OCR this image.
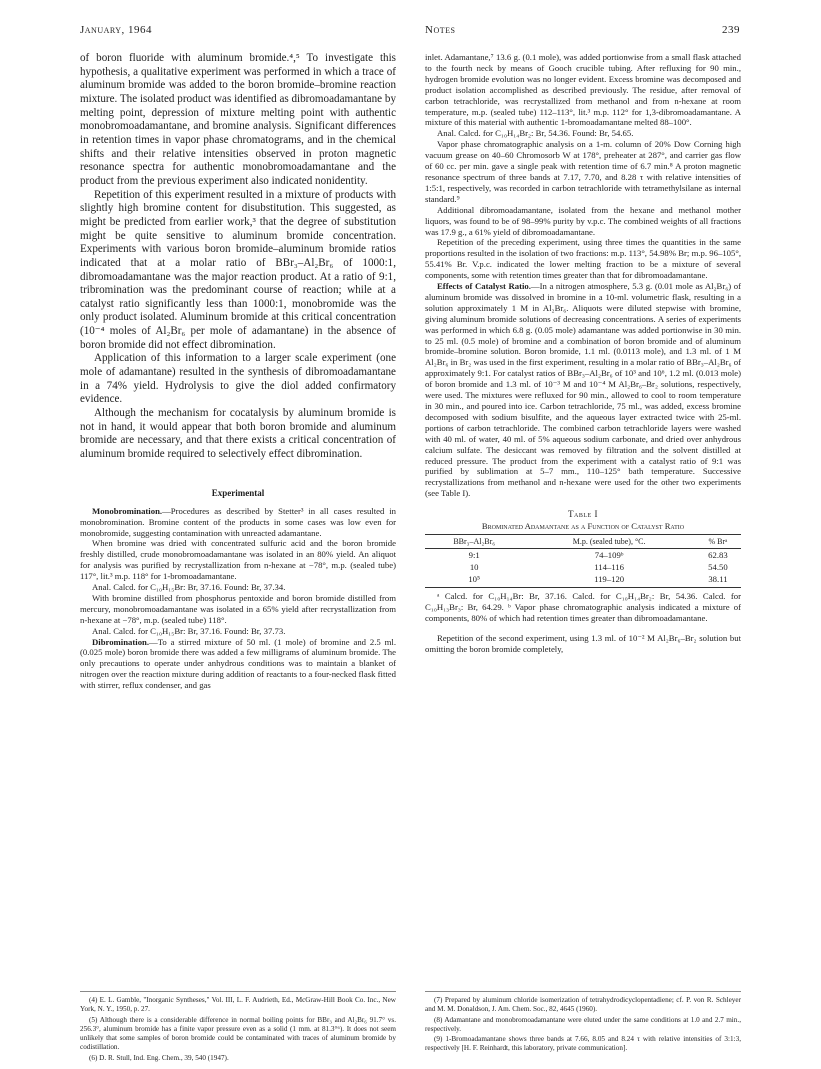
January, 1964	Notes	239

of boron fluoride with aluminum bromide.⁴,⁵ To investigate this hypothesis, a qualitative experiment was performed in which a trace of aluminum bromide was added to the boron bromide–bromine reaction mixture. The isolated product was identified as dibromoadamantane by melting point, depression of mixture melting point with authentic monobromoadamantane, and bromine analysis. Significant differences in retention times in vapor phase chromatograms, and in the chemical shifts and their relative intensities observed in proton magnetic resonance spectra for authentic monobromoadamantane and the product from the previous experiment also indicated nonidentity.

Repetition of this experiment resulted in a mixture of products with slightly high bromine content for disubstitution. This suggested, as might be predicted from earlier work,³ that the degree of substitution might be quite sensitive to aluminum bromide concentration. Experiments with various boron bromide–aluminum bromide ratios indicated that at a molar ratio of BBr₃–Al₂Br₆ of 1000:1, dibromoadamantane was the major reaction product. At a ratio of 9:1, tribromination was the predominant course of reaction; while at a catalyst ratio significantly less than 1000:1, monobromide was the only product isolated. Aluminum bromide at this critical concentration (10⁻⁴ moles of Al₂Br₆ per mole of adamantane) in the absence of boron bromide did not effect dibromination.

Application of this information to a larger scale experiment (one mole of adamantane) resulted in the synthesis of dibromoadamantane in a 74% yield. Hydrolysis to give the diol added confirmatory evidence.

Although the mechanism for cocatalysis by aluminum bromide is not in hand, it would appear that both boron bromide and aluminum bromide are necessary, and that there exists a critical concentration of aluminum bromide required to selectively effect dibromination.

Experimental

Monobromination.—Procedures as described by Stetter³ in all cases resulted in monobromination. Bromine content of the products in some cases was low even for monobromide, suggesting contamination with unreacted adamantane.

When bromine was dried with concentrated sulfuric acid and the boron bromide freshly distilled, crude monobromoadamantane was isolated in an 80% yield. An aliquot for analysis was purified by recrystallization from n-hexane at −78°, m.p. (sealed tube) 117°, lit.³ m.p. 118° for 1-bromoadamantane.

Anal. Calcd. for C₁₀H₁₅Br: Br, 37.16. Found: Br, 37.34.

With bromine distilled from phosphorus pentoxide and boron bromide distilled from mercury, monobromoadamantane was isolated in a 65% yield after recrystallization from n-hexane at −78°, m.p. (sealed tube) 118°.

Anal. Calcd. for C₁₀H₁₅Br: Br, 37.16. Found: Br, 37.73.

Dibromination.—To a stirred mixture of 50 ml. (1 mole) of bromine and 2.5 ml. (0.025 mole) boron bromide there was added a few milligrams of aluminum bromide. The only precautions to operate under anhydrous conditions was to maintain a blanket of nitrogen over the reaction mixture during addition of reactants to a four-necked flask fitted with stirrer, reflux condenser, and gas

inlet. Adamantane,⁷ 13.6 g. (0.1 mole), was added portionwise from a small flask attached to the fourth neck by means of Gooch crucible tubing. After refluxing for 90 min., hydrogen bromide evolution was no longer evident. Excess bromine was decomposed and product isolation accomplished as described previously. The residue, after removal of carbon tetrachloride, was recrystallized from methanol and from n-hexane at room temperature, m.p. (sealed tube) 112–113°, lit.³ m.p. 112° for 1,3-dibromoadamantane. A mixture of this material with authentic 1-bromoadamantane melted 88–100°.

Anal. Calcd. for C₁₀H₁₄Br₂: Br, 54.36. Found: Br, 54.65.

Vapor phase chromatographic analysis on a 1-m. column of 20% Dow Corning high vacuum grease on 40–60 Chromosorb W at 178°, preheater at 287°, and carrier gas flow of 60 cc. per min. gave a single peak with retention time of 6.7 min.⁸ A proton magnetic resonance spectrum of three bands at 7.17, 7.70, and 8.28 τ with relative intensities of 1:5:1, respectively, was recorded in carbon tetrachloride with tetramethylsilane as internal standard.⁹

Additional dibromoadamantane, isolated from the hexane and methanol mother liquors, was found to be of 98–99% purity by v.p.c. The combined weights of all fractions was 17.9 g., a 61% yield of dibromoadamantane.

Repetition of the preceding experiment, using three times the quantities in the same proportions resulted in the isolation of two fractions: m.p. 113°, 54.98% Br; m.p. 96–105°, 55.41% Br. V.p.c. indicated the lower melting fraction to be a mixture of several components, some with retention times greater than that for dibromoadamantane.

Effects of Catalyst Ratio.—In a nitrogen atmosphere, 5.3 g. (0.01 mole as Al₂Br₆) of aluminum bromide was dissolved in bromine in a 10-ml. volumetric flask, resulting in a solution approximately 1 M in Al₂Br₆. Aliquots were diluted stepwise with bromine, giving aluminum bromide solutions of decreasing concentrations. A series of experiments was performed in which 6.8 g. (0.05 mole) adamantane was added portionwise in 30 min. to 25 ml. (0.5 mole) of bromine and a combination of boron bromide and of aluminum bromide–bromine solution. Boron bromide, 1.1 ml. (0.0113 mole), and 1.3 ml. of 1 M Al₂Br₆ in Br₂ was used in the first experiment, resulting in a molar ratio of BBr₃–Al₂Br₆ of approximately 9:1. For catalyst ratios of BBr₃–Al₂Br₆ of 10³ and 10⁶, 1.2 ml. (0.013 mole) of boron bromide and 1.3 ml. of 10⁻³ M and 10⁻⁴ M Al₂Br₆–Br₂ solutions, respectively, were used. The mixtures were refluxed for 90 min., allowed to cool to room temperature in 30 min., and poured into ice. Carbon tetrachloride, 75 ml., was added, excess bromine decomposed with sodium bisulfite, and the aqueous layer extracted twice with 25-ml. portions of carbon tetrachloride. The combined carbon tetrachloride layers were washed with 40 ml. of water, 40 ml. of 5% aqueous sodium carbonate, and dried over anhydrous calcium sulfate. The desiccant was removed by filtration and the solvent distilled at reduced pressure. The product from the experiment with a catalyst ratio of 9:1 was purified by sublimation at 5–7 mm., 110–125° bath temperature. Successive recrystallizations from methanol and n-hexane were used for the other two experiments (see Table I).

Table I
Brominated Adamantane as a Function of Catalyst Ratio
BBr₃–Al₂Br₆	M.p. (sealed tube), °C.	% Brᵃ
9:1	74–109ᵇ	62.83
10	114–116	54.50
10⁵	119–120	38.11

ᵃ Calcd. for C₁₀H₁₄Br: Br, 37.16. Calcd. for C₁₀H₁₄Br₂: Br, 54.36. Calcd. for C₁₀H₁₃Br₃: Br, 64.29. ᵇ Vapor phase chromatographic analysis indicated a mixture of components, 80% of which had retention times greater than dibromoadamantane.

Repetition of the second experiment, using 1.3 ml. of 10⁻² M Al₂Br₆–Br₂ solution but omitting the boron bromide completely,

(4) E. L. Gamble, "Inorganic Syntheses," Vol. III, L. F. Audrieth, Ed., McGraw-Hill Book Co. Inc., New York, N. Y., 1950, p. 27.

(5) Although there is a considerable difference in normal boiling points for BBr₃ and Al₂Br₆ 91.7° vs. 256.3°, aluminum bromide has a finite vapor pressure even as a solid (1 mm. at 81.3°⁶). It does not seem unlikely that some samples of boron bromide could be contaminated with traces of aluminum bromide by codistillation.

(6) D. R. Stull, Ind. Eng. Chem., 39, 540 (1947).

(7) Prepared by aluminum chloride isomerization of tetrahydrodicyclopentadiene; cf. P. von R. Schleyer and M. M. Donaldson, J. Am. Chem. Soc., 82, 4645 (1960).

(8) Adamantane and monobromoadamantane were eluted under the same conditions at 1.0 and 2.7 min., respectively.

(9) 1-Bromoadamantane shows three bands at 7.66, 8.05 and 8.24 τ with relative intensities of 3:1:3, respectively [H. F. Reinhardt, this laboratory, private communication].
